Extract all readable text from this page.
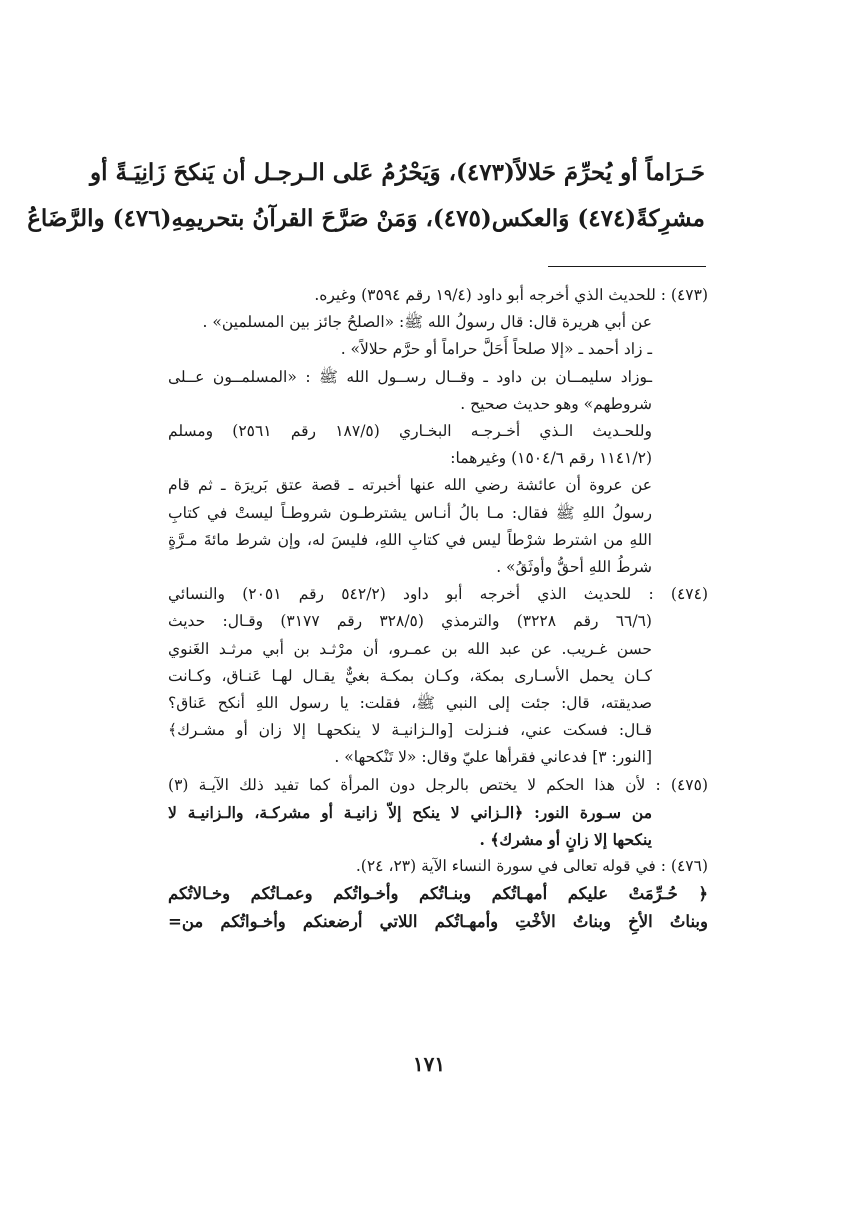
حَـرَاماً أو يُحرِّمَ حَلالاً(٤٧٣)، وَيَحْرُمُ عَلى الـرجـل أن يَنكحَ زَانِيَـةً أو
مشرِكةً(٤٧٤) وَالعكس(٤٧٥)، وَمَنْ صَرَّحَ القرآنُ بتحريمِهِ(٤٧٦) والرَّضَاعُ
(٤٧٣) : للحديث الذي أخرجه أبو داود (١٩/٤ رقم ٣٥٩٤) وغيره.
عن أبي هريرة قال: قال رسولُ الله ﷺ: «الصلحُ جائز بين المسلمين» .
ـ زاد أحمد ـ «إلا صلحاً أَحَلَّ حراماً أو حرَّم حلالاً» .
ـوزاد سليمــان بن داود ـ وقــال رســول الله ﷺ : «المسلمــون عــلى
شروطهم» وهو حديث صحيح .
وللحـديث الـذي أخـرجـه البخـاري (١٨٧/٥ رقم ٢٥٦١) ومسلم
(١١٤١/٢ رقم ١٥٠٤/٦) وغيرهما:
عن عروة أن عائشة رضي الله عنها أخبرته ـ قصة عتق بَريرَة ـ ثم قام
رسولُ اللهِ ﷺ فقال: مـا بالُ أنـاس يشترطـون شروطـاً ليستْ في كتابِ
اللهِ من اشترط شرْطاً ليس في كتابِ اللهِ، فليسَ له، وإن شرط مائةَ مـرَّةٍ
شرطُ اللهِ أحقُّ وأوثَقُ» .
(٤٧٤) : للحديث الذي أخرجه أبو داود (٥٤٢/٢ رقم ٢٠٥١) والنسائي
(٦٦/٦ رقم ٣٢٢٨) والترمذي (٣٢٨/٥ رقم ٣١٧٧) وقـال: حديث
حسن غـريب. عن عبد الله بن عمـرو، أن مرْثـد بن أبي مرثـد الغَنوي
كـان يحمل الأسـارى بمكة، وكـان بمكـة بغيٌّ يقـال لهـا عَنـاق، وكـانت
صديقته، قال: جئت إلى النبي ﷺ، فقلت: يا رسول اللهِ أنكح عَناق؟
قـال: فسكت عني، فنـزلت [والـزانيـة لا ينكحهـا إلا زان أو مشـرك﴾
[النور: ٣] فدعاني فقرأها عليّ وقال: «لا تَنْكحها» .
(٤٧٥) : لأن هذا الحكم لا يختص بالرجل دون المرأة كما تفيد ذلك الآيـة (٣)
من سـورة النور: ﴿الـزاني لا ينكح إلاّ زانيـة أو مشركـة، والـزانيـة لا
ينكحها إلا زانٍ أو مشرك﴾ .
(٤٧٦) : في قوله تعالى في سورة النساء الآية (٢٣، ٢٤).
﴿ حُـرِّمَتْ عليكم أمهـاتُكم وبنـاتُكم وأخـواتُكم وعمـاتُكم وخـالاتُكم
وبناتُ الأخِ وبناتُ الأخْتِ وأمهـاتُكم اللاتي أرضعنكم وأخـواتُكم من=
١٧١
